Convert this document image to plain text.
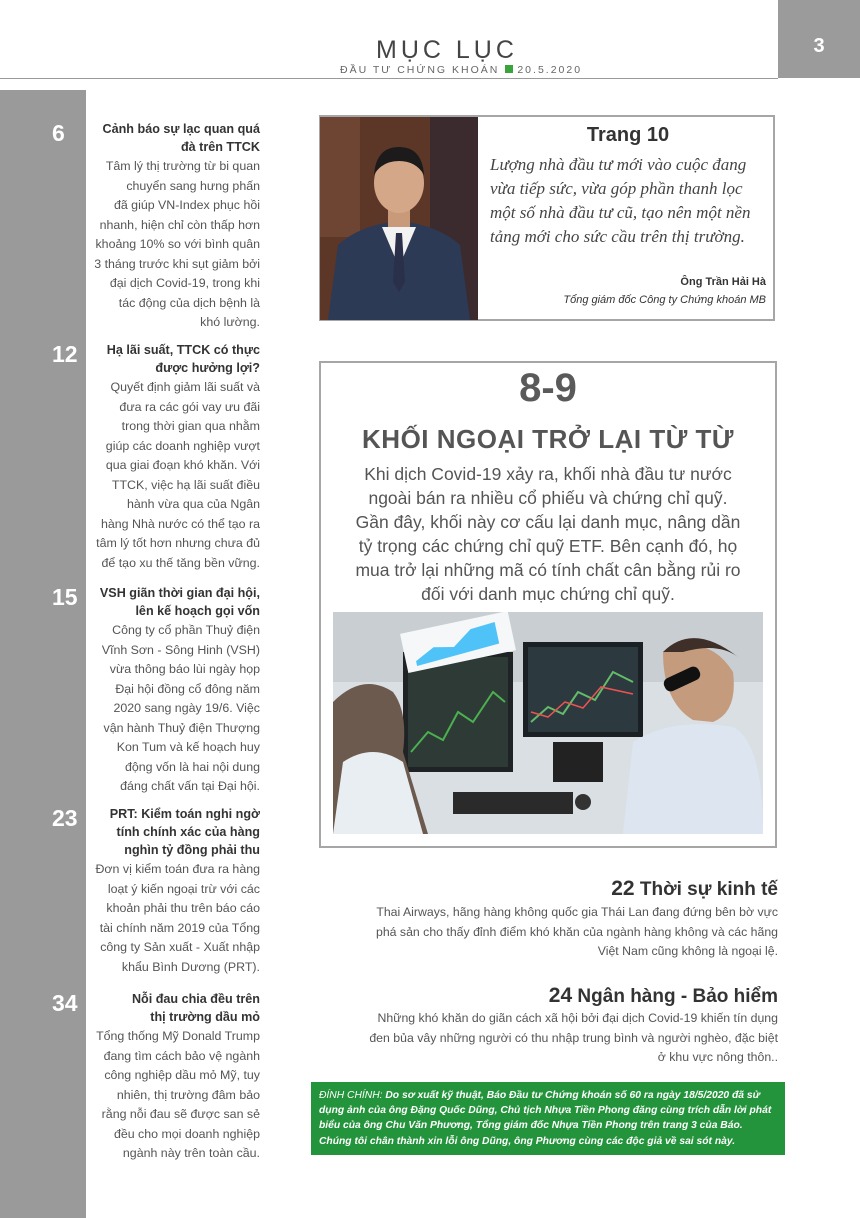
MỤC LỤC
ĐẦU TƯ CHỨNG KHOÁN 20.5.2020
3
6	Cảnh báo sự lạc quan quá
đà trên TTCK
Tâm lý thị trường từ bi quan
chuyển sang hưng phấn
đã giúp VN-Index phục hồi
nhanh, hiện chỉ còn thấp hơn
khoảng 10% so với bình quân
3 tháng trước khi sụt giảm bởi
đại dịch Covid-19, trong khi
tác động của dịch bệnh là
khó lường.
12	Hạ lãi suất, TTCK có thực
được hưởng lợi?
Quyết định giảm lãi suất và
đưa ra các gói vay ưu đãi
trong thời gian qua nhằm
giúp các doanh nghiệp vượt
qua giai đoạn khó khăn. Với
TTCK, việc hạ lãi suất điều
hành vừa qua của Ngân
hàng Nhà nước có thể tạo ra
tâm lý tốt hơn nhưng chưa đủ
để tạo xu thế tăng bền vững.
15	VSH giãn thời gian đại hội,
lên kế hoạch gọi vốn
Công ty cổ phần Thuỷ điện
Vĩnh Sơn - Sông Hinh (VSH)
vừa thông báo lùi ngày họp
Đại hội đồng cổ đông năm
2020 sang ngày 19/6. Việc
vận hành Thuỷ điện Thượng
Kon Tum và kế hoạch huy
động vốn là hai nội dung
đáng chất vấn tại Đại hội.
23	PRT: Kiểm toán nghi ngờ
tính chính xác của hàng
nghìn tỷ đồng phải thu
Đơn vị kiểm toán đưa ra hàng
loạt ý kiến ngoại trừ với các
khoản phải thu trên báo cáo
tài chính năm 2019 của Tổng
công ty Sản xuất - Xuất nhập
khẩu Bình Dương (PRT).
34	Nỗi đau chia đều trên
thị trường dầu mỏ
Tổng thống Mỹ Donald Trump
đang tìm cách bảo vệ ngành
công nghiệp dầu mỏ Mỹ, tuy
nhiên, thị trường đâm bảo
rằng nỗi đau sẽ được san sẻ
đều cho mọi doanh nghiệp
ngành này trên toàn cầu.
Trang 10
Lượng nhà đầu tư mới vào cuộc đang
vừa tiếp sức, vừa góp phần thanh lọc
một số nhà đầu tư cũ, tạo nên một nền
tảng mới cho sức cầu trên thị trường.
Ông Trần Hải Hà
Tổng giám đốc Công ty Chứng khoán MB
8-9
KHỐI NGOẠI TRỞ LẠI TỪ TỪ
Khi dịch Covid-19 xảy ra, khối nhà đầu tư nước
ngoài bán ra nhiều cổ phiếu và chứng chỉ quỹ.
Gần đây, khối này cơ cấu lại danh mục, nâng dần
tỷ trọng các chứng chỉ quỹ ETF. Bên cạnh đó, họ
mua trở lại những mã có tính chất cân bằng rủi ro
đối với danh mục chứng chỉ quỹ.
22 Thời sự kinh tế
Thai Airways, hãng hàng không quốc gia Thái Lan đang đứng bên bờ vực
phá sản cho thấy đỉnh điểm khó khăn của ngành hàng không và các hãng
Việt Nam cũng không là ngoại lệ.
24 Ngân hàng - Bảo hiểm
Những khó khăn do giãn cách xã hội bởi đại dịch Covid-19 khiến tín dụng
đen bủa vây những người có thu nhập trung bình và người nghèo, đặc biệt
ở khu vực nông thôn..
ĐÍNH CHÍNH: Do sơ xuất kỹ thuật, Báo Đầu tư Chứng khoán số 60 ra ngày 18/5/2020 đã sử
dụng ảnh của ông Đặng Quốc Dũng, Chủ tịch Nhựa Tiền Phong đăng cùng trích dẫn lời phát
biểu của ông Chu Văn Phương, Tổng giám đốc Nhựa Tiền Phong trên trang 3 của Báo.
Chúng tôi chân thành xin lỗi ông Dũng, ông Phương cùng các độc giả về sai sót này.
